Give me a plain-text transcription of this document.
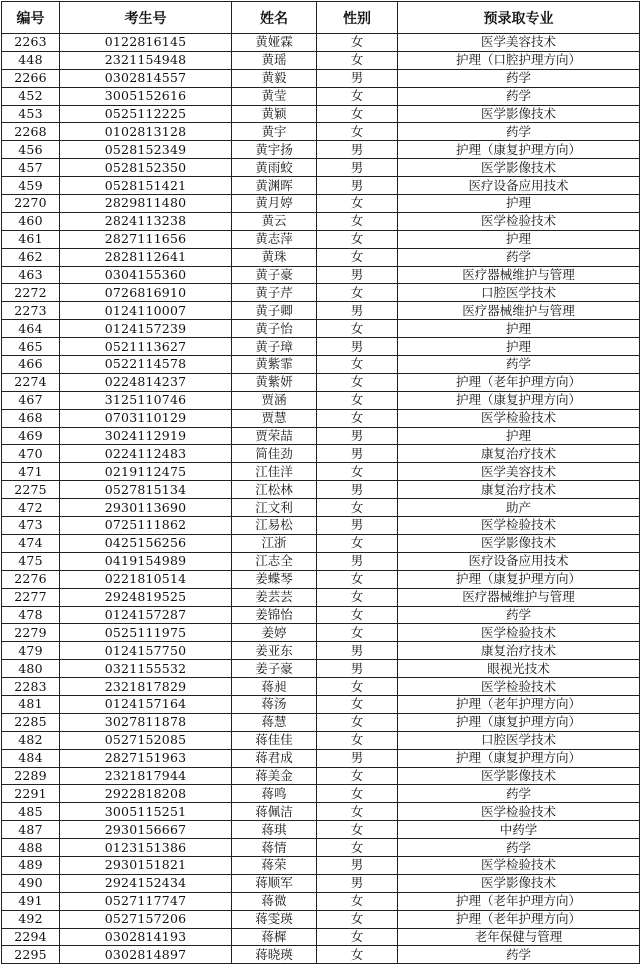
编号	考生号	姓名	性别	预录取专业
2263	0122816145	黄娅霖	女	医学美容技术
448	2321154948	黄瑶	女	护理（口腔护理方向）
2266	0302814557	黄毅	男	药学
452	3005152616	黄莹	女	药学
453	0525112225	黄颖	女	医学影像技术
2268	0102813128	黄宇	女	药学
456	0528152349	黄宇扬	男	护理（康复护理方向）
457	0528152350	黄雨蛟	男	医学影像技术
459	0528151421	黄渊晖	男	医疗设备应用技术
2270	2829811480	黄月婷	女	护理
460	2824113238	黄云	女	医学检验技术
461	2827111656	黄志萍	女	护理
462	2828112641	黄珠	女	药学
463	0304155360	黄子豪	男	医疗器械维护与管理
2272	0726816910	黄子芹	女	口腔医学技术
2273	0124110007	黄子卿	男	医疗器械维护与管理
464	0124157239	黄子怡	女	护理
465	0521113627	黄子璋	男	护理
466	0522114578	黄紫霏	女	药学
2274	0224814237	黄紫妍	女	护理（老年护理方向）
467	3125110746	贾涵	女	护理（康复护理方向）
468	0703110129	贾慧	女	医学检验技术
469	3024112919	贾荣喆	男	护理
470	0224112483	简佳劲	男	康复治疗技术
471	0219112475	江佳洋	女	医学美容技术
2275	0527815134	江松林	男	康复治疗技术
472	2930113690	江文利	女	助产
473	0725111862	江易松	男	医学检验技术
474	0425156256	江浙	女	医学影像技术
475	0419154989	江志全	男	医疗设备应用技术
2276	0221810514	姜蝶琴	女	护理（康复护理方向）
2277	2924819525	姜芸芸	女	医疗器械维护与管理
478	0124157287	姜锦怡	女	药学
2279	0525111975	姜婷	女	医学检验技术
479	0124157750	姜亚东	男	康复治疗技术
480	0321155532	姜子豪	男	眼视光技术
2283	2321817829	蒋昶	女	医学检验技术
481	0124157164	蒋汤	女	护理（老年护理方向）
2285	3027811878	蒋慧	女	护理（康复护理方向）
482	0527152085	蒋佳佳	女	口腔医学技术
484	2827151963	蒋君成	男	护理（康复护理方向）
2289	2321817944	蒋美金	女	医学影像技术
2291	2922818208	蒋鸣	女	药学
485	3005115251	蒋佩洁	女	医学检验技术
487	2930156667	蒋琪	女	中药学
488	0123151386	蒋情	女	药学
489	2930151821	蒋荣	男	医学检验技术
490	2924152434	蒋顺军	男	医学影像技术
491	0527117747	蒋微	女	护理（老年护理方向）
492	0527157206	蒋雯瑛	女	护理（老年护理方向）
2294	0302814193	蒋樨	女	老年保健与管理
2295	0302814897	蒋晓瑛	女	药学
